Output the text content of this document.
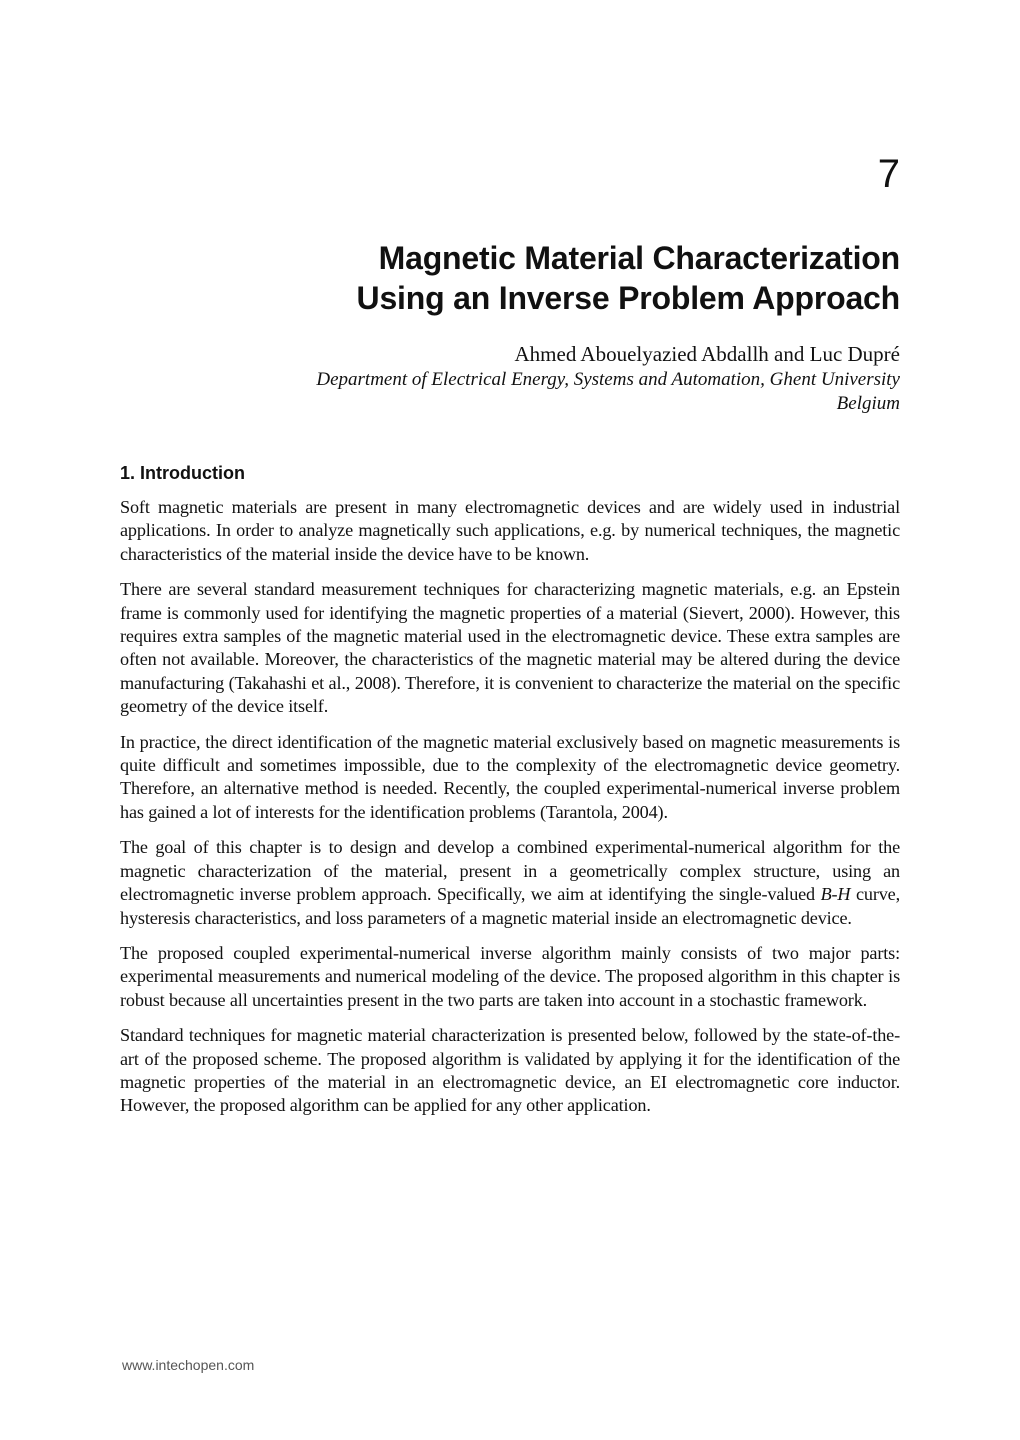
7
Magnetic Material Characterization
Using an Inverse Problem Approach
Ahmed Abouelyazied Abdallh and Luc Dupré
Department of Electrical Energy, Systems and Automation, Ghent University
Belgium
1. Introduction

Soft magnetic materials are present in many electromagnetic devices and are widely used in industrial applications. In order to analyze magnetically such applications, e.g. by numerical techniques, the magnetic characteristics of the material inside the device have to be known.

There are several standard measurement techniques for characterizing magnetic materials, e.g. an Epstein frame is commonly used for identifying the magnetic properties of a material (Sievert, 2000). However, this requires extra samples of the magnetic material used in the electromagnetic device. These extra samples are often not available. Moreover, the characteristics of the magnetic material may be altered during the device manufacturing (Takahashi et al., 2008). Therefore, it is convenient to characterize the material on the specific geometry of the device itself.

In practice, the direct identification of the magnetic material exclusively based on magnetic measurements is quite difficult and sometimes impossible, due to the complexity of the electromagnetic device geometry. Therefore, an alternative method is needed. Recently, the coupled experimental-numerical inverse problem has gained a lot of interests for the identification problems (Tarantola, 2004).

The goal of this chapter is to design and develop a combined experimental-numerical algorithm for the magnetic characterization of the material, present in a geometrically complex structure, using an electromagnetic inverse problem approach. Specifically, we aim at identifying the single-valued B-H curve, hysteresis characteristics, and loss parameters of a magnetic material inside an electromagnetic device.

The proposed coupled experimental-numerical inverse algorithm mainly consists of two major parts: experimental measurements and numerical modeling of the device. The proposed algorithm in this chapter is robust because all uncertainties present in the two parts are taken into account in a stochastic framework.

Standard techniques for magnetic material characterization is presented below, followed by the state-of-the-art of the proposed scheme. The proposed algorithm is validated by applying it for the identification of the magnetic properties of the material in an electromagnetic device, an EI electromagnetic core inductor. However, the proposed algorithm can be applied for any other application.

www.intechopen.com
